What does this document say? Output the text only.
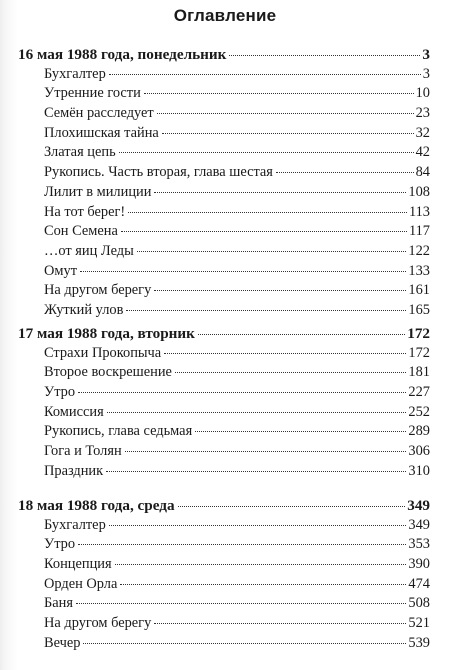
Оглавление
16 мая 1988 года, понедельник	3
Бухгалтер	3
Утренние гости	10
Семён расследует	23
Плохишская тайна	32
Златая цепь	42
Рукопись. Часть вторая, глава шестая	84
Лилит в милиции	108
На тот берег!	113
Сон Семена	117
…от яиц Леды	122
Омут	133
На другом берегу	161
Жуткий улов	165
17 мая 1988 года, вторник	172
Страхи Прокопыча	172
Второе воскрешение	181
Утро	227
Комиссия	252
Рукопись, глава седьмая	289
Гога и Толян	306
Праздник	310
18 мая 1988 года, среда	349
Бухгалтер	349
Утро	353
Концепция	390
Орден Орла	474
Баня	508
На другом берегу	521
Вечер	539
